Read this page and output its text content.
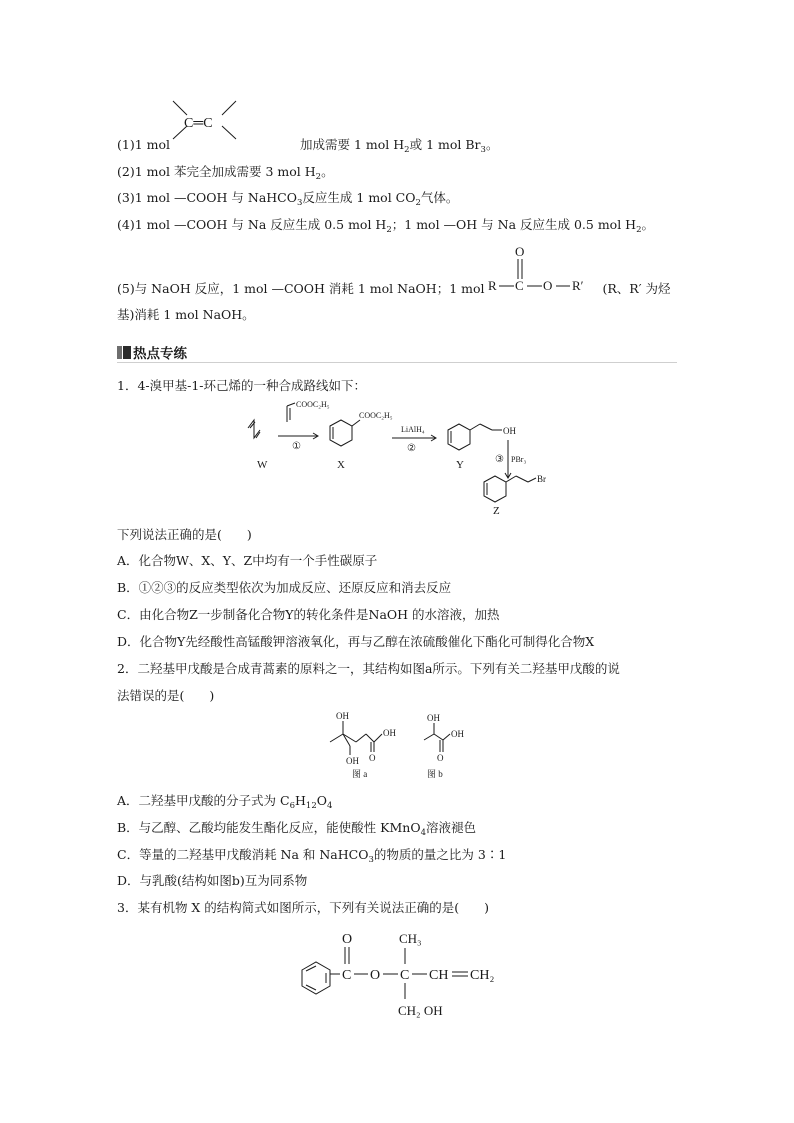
C═C
(1)1 mol	加成需要 1 mol $H_2$或 1 mol $Br_3$。
(2)1 mol 苯完全加成需要 3 mol $H_2$。
(3)1 mol —COOH 与 NaHCO$_3$反应生成 1 mol $CO_2$气体。
(4)1 mol —COOH 与 Na 反应生成 0.5 mol $H_2$；1 mol —OH 与 Na 反应生成 0.5 mol $H_2$。
O
R C O R′
(5)与 NaOH 反应，1 mol —COOH 消耗 1 mol NaOH；1 mol	(R、R′ 为烃
基)消耗 1 mol NaOH。
热点专练
1．4-溴甲基-1-环己烯的一种合成路线如下：
W
COOC₂H₅
①
COOC₂H₅
X
LiAlH₄
②
OH
Y	③ PBr₃
Br
Z
下列说法正确的是(　　)
A．化合物W、X、Y、Z中均有一个手性碳原子
B．①②③的反应类型依次为加成反应、还原反应和消去反应
C．由化合物Z一步制备化合物Y的转化条件是NaOH 的水溶液，加热
D．化合物Y先经酸性高锰酸钾溶液氧化，再与乙醇在浓硫酸催化下酯化可制得化合物X
2．二羟基甲戊酸是合成青蒿素的原料之一，其结构如图a所示。下列有关二羟基甲戊酸的说
法错误的是(　　)
OH
OH
O
OH
图 a
OH
OH
O
图 b
A．二羟基甲戊酸的分子式为 $C_6H_{12}O_4$
B．与乙醇、乙酸均能发生酯化反应，能使酸性 KMnO$_4$溶液褪色
C．等量的二羟基甲戊酸消耗 Na 和 NaHCO$_3$的物质的量之比为 3∶1
D．与乳酸(结构如图b)互为同系物
3．某有机物 X 的结构简式如图所示，下列有关说法正确的是(　　)
O
C O C
CH₃
CH CH₂
CH₂ OH
